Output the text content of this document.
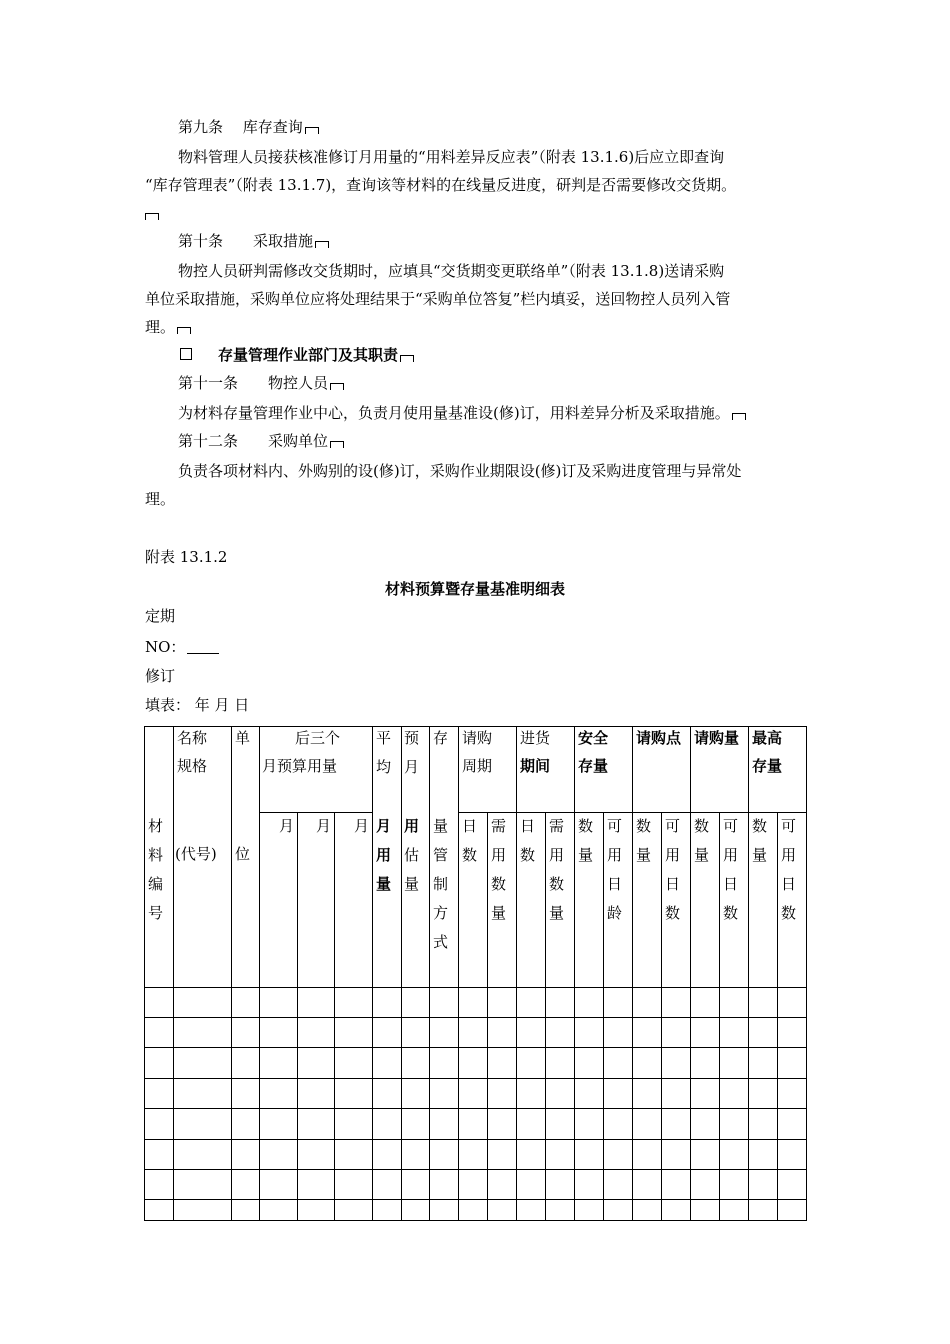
第九条　 库存查询
物料管理人员接获核准修订月用量的“用料差异反应表”（附表 13.1.6)后应立即查询
“库存管理表”（附表 13.1.7)，查询该等材料的在线量反进度，研判是否需要修改交货期。
第十条　　采取措施
物控人员研判需修改交货期时，应填具“交货期变更联络单”（附表 13.1.8)送请采购
单位采取措施，采购单位应将处理结果于“采购单位答复”栏内填妥，送回物控人员列入管
理。
存量管理作业部门及其职责
第十一条　　物控人员
为材料存量管理作业中心，负责月使用量基准设(修)订，用料差异分析及采取措施。
第十二条　　采购单位
负责各项材料内、外购别的设(修)订，采购作业期限设(修)订及采购进度管理与异常处
理。
附表 13.1.2
材料预算暨存量基准明细表
定期
NO：
修订
填表： 年 月 日
材料编号
名称
规格
(代号)
单
位
后三个
月预算用量
月 月 月
平均
月用量
预月
用估量
存
量管制方式
请购
周期
日数
需用数量
进货
期间
日数
需用数量
安全
存量
数量
可用日龄
请购点
数量
可用日数
请购量
数量
可用日数
最高
存量
数量
可用日数
